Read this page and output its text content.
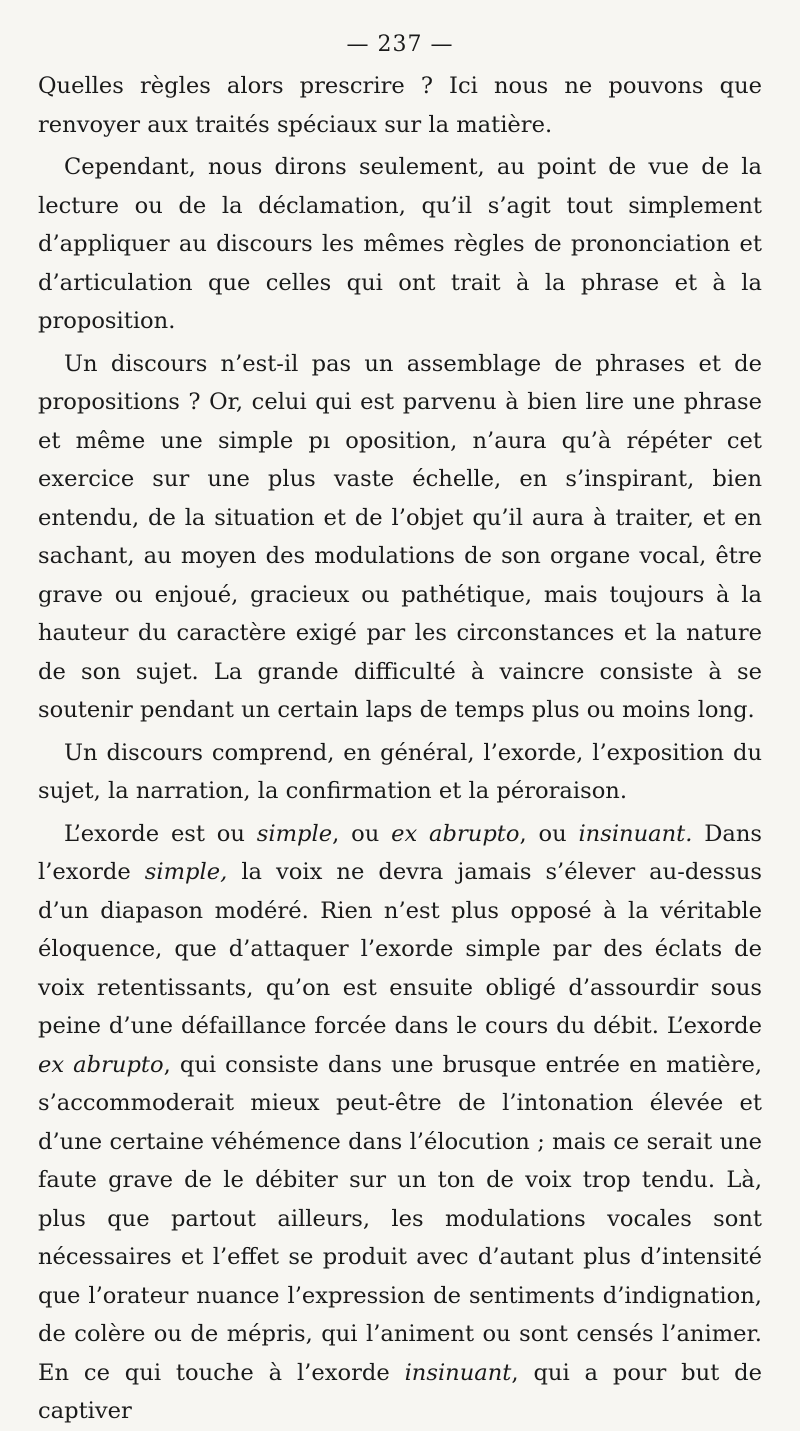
— 237 —

Quelles règles alors prescrire ? Ici nous ne pouvons que renvoyer aux traités spéciaux sur la matière.

Cependant, nous dirons seulement, au point de vue de la lecture ou de la déclamation, qu’il s’agit tout simplement d’appliquer au discours les mêmes règles de prononciation et d’articulation que celles qui ont trait à la phrase et à la proposition.

Un discours n’est-il pas un assemblage de phrases et de propositions ? Or, celui qui est parvenu à bien lire une phrase et même une simple pı oposition, n’aura qu’à répéter cet exercice sur une plus vaste échelle, en s’inspirant, bien entendu, de la situation et de l’objet qu’il aura à traiter, et en sachant, au moyen des modulations de son organe vocal, être grave ou enjoué, gracieux ou pathétique, mais toujours à la hauteur du caractère exigé par les circonstances et la nature de son sujet. La grande difficulté à vaincre consiste à se soutenir pendant un certain laps de temps plus ou moins long.

Un discours comprend, en général, l’exorde, l’exposition du sujet, la narration, la confirmation et la péroraison.

L’exorde est ou simple, ou ex abrupto, ou insinuant. Dans l’exorde simple, la voix ne devra jamais s’élever au-dessus d’un diapason modéré. Rien n’est plus opposé à la véritable éloquence, que d’attaquer l’exorde simple par des éclats de voix retentissants, qu’on est ensuite obligé d’assourdir sous peine d’une défaillance forcée dans le cours du débit. L’exorde ex abrupto, qui consiste dans une brusque entrée en matière, s’accommoderait mieux peut-être de l’intonation élevée et d’une certaine véhémence dans l’élocution ; mais ce serait une faute grave de le débiter sur un ton de voix trop tendu. Là, plus que partout ailleurs, les modulations vocales sont nécessaires et l’effet se produit avec d’autant plus d’intensité que l’orateur nuance l’expression de sentiments d’indignation, de colère ou de mépris, qui l’animent ou sont censés l’animer. En ce qui touche à l’exorde insinuant, qui a pour but de captiver
